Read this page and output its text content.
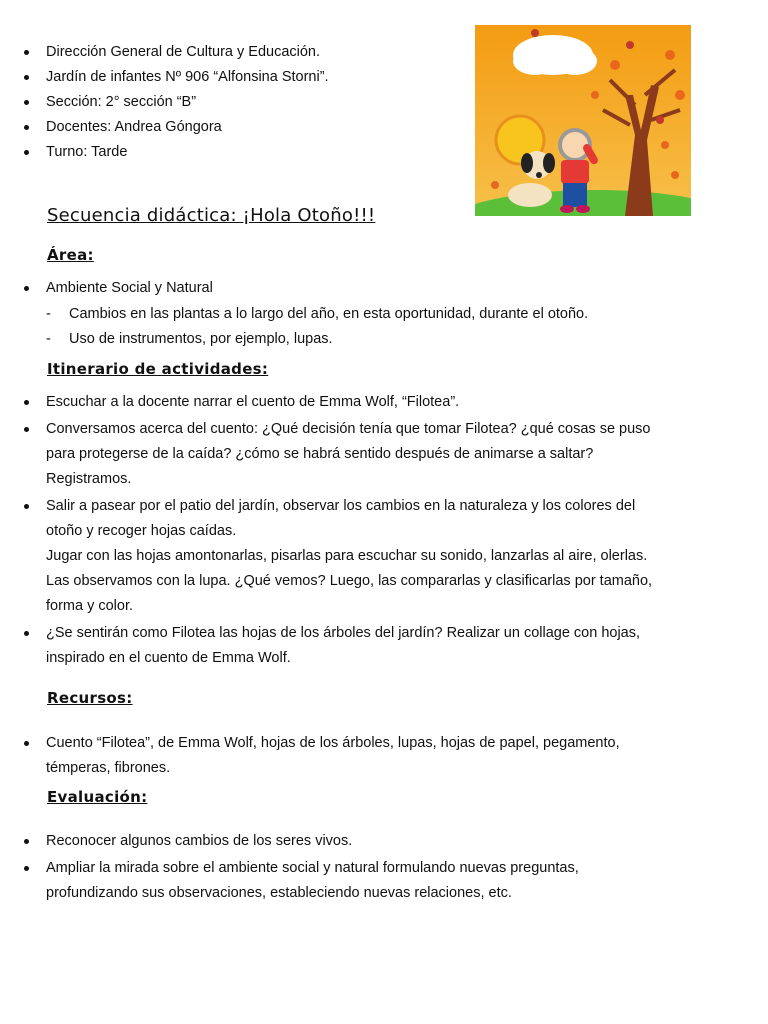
Dirección General de Cultura y Educación.
Jardín de infantes Nº 906 “Alfonsina Storni”.
Sección: 2° sección “B”
Docentes: Andrea Góngora
Turno: Tarde
Secuencia didáctica: ¡Hola Otoño!!!
Área:
Ambiente Social y Natural
- Cambios en las plantas a lo largo del año, en esta oportunidad, durante el otoño.
- Uso de instrumentos, por ejemplo, lupas.
Itinerario de actividades:
Escuchar a la docente narrar el cuento de Emma Wolf, “Filotea”.
Conversamos acerca del cuento: ¿Qué decisión tenía que tomar Filotea? ¿qué cosas se puso para protegerse de la caída? ¿cómo se habrá sentido después de animarse a saltar? Registramos.
Salir a pasear por el patio del jardín, observar los cambios en la naturaleza y los colores del otoño y recoger hojas caídas.
Jugar con las hojas amontonarlas, pisarlas para escuchar su sonido, lanzarlas al aire, olerlas. Las observamos con la lupa. ¿Qué vemos? Luego, las compararlas y clasificarlas por tamaño, forma y color.
¿Se sentirán como Filotea las hojas de los árboles del jardín? Realizar un collage con hojas, inspirado en el cuento de Emma Wolf.
Recursos:
Cuento “Filotea”, de Emma Wolf, hojas de los árboles, lupas, hojas de papel, pegamento, témperas, fibrones.
Evaluación:
Reconocer algunos cambios de los seres vivos.
Ampliar la mirada sobre el ambiente social y natural formulando nuevas preguntas, profundizando sus observaciones, estableciendo nuevas relaciones, etc.
